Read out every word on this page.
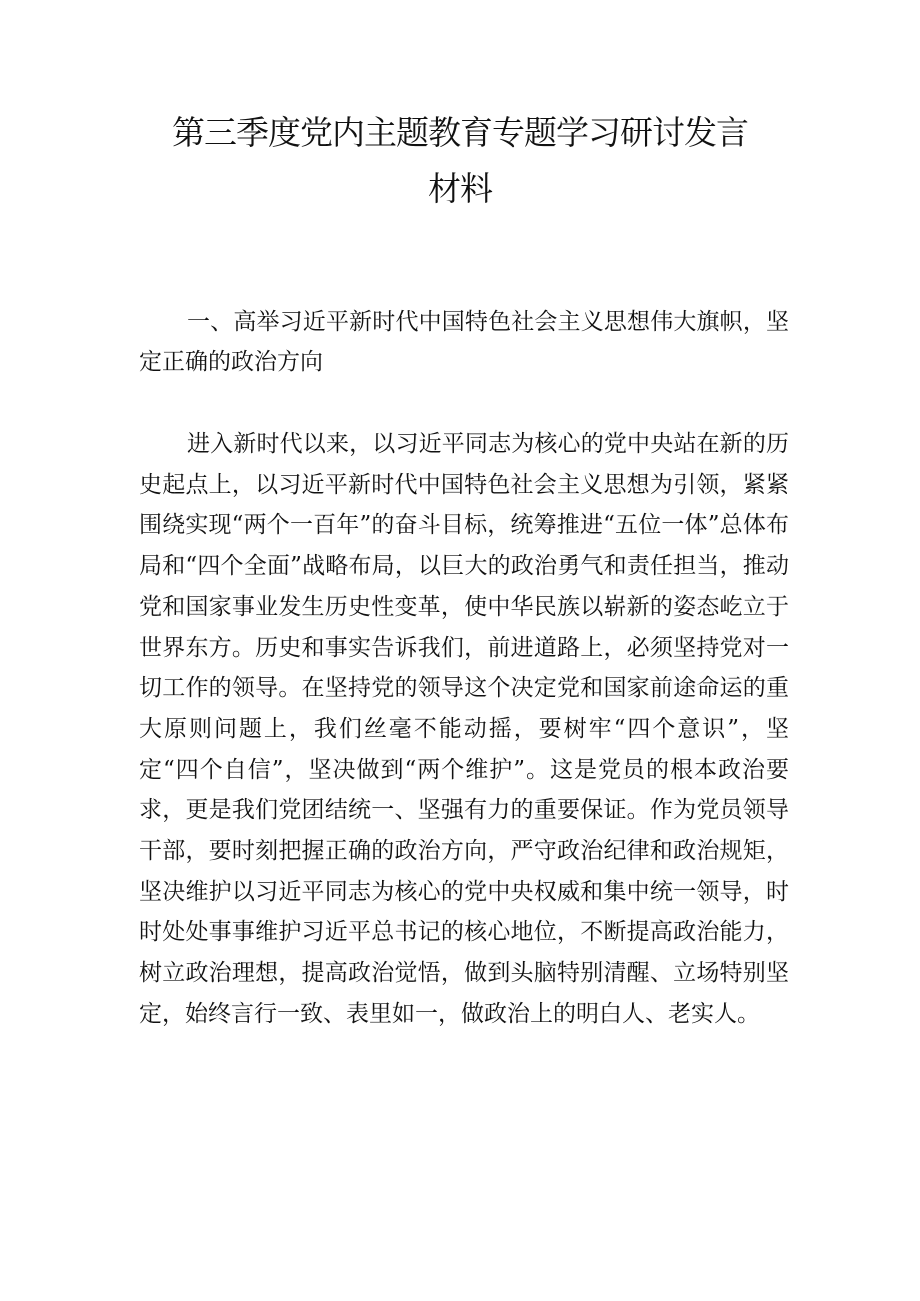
第三季度党内主题教育专题学习研讨发言
材料

一、高举习近平新时代中国特色社会主义思想伟大旗帜，坚定正确的政治方向

进入新时代以来，以习近平同志为核心的党中央站在新的历史起点上，以习近平新时代中国特色社会主义思想为引领，紧紧围绕实现“两个一百年”的奋斗目标，统筹推进“五位一体”总体布局和“四个全面”战略布局，以巨大的政治勇气和责任担当，推动党和国家事业发生历史性变革，使中华民族以崭新的姿态屹立于世界东方。历史和事实告诉我们，前进道路上，必须坚持党对一切工作的领导。在坚持党的领导这个决定党和国家前途命运的重大原则问题上，我们丝毫不能动摇，要树牢“四个意识”，坚定“四个自信”，坚决做到“两个维护”。这是党员的根本政治要求，更是我们党团结统一、坚强有力的重要保证。作为党员领导干部，要时刻把握正确的政治方向，严守政治纪律和政治规矩，坚决维护以习近平同志为核心的党中央权威和集中统一领导，时时处处事事维护习近平总书记的核心地位，不断提高政治能力，树立政治理想，提高政治觉悟，做到头脑特别清醒、立场特别坚定，始终言行一致、表里如一，做政治上的明白人、老实人。
